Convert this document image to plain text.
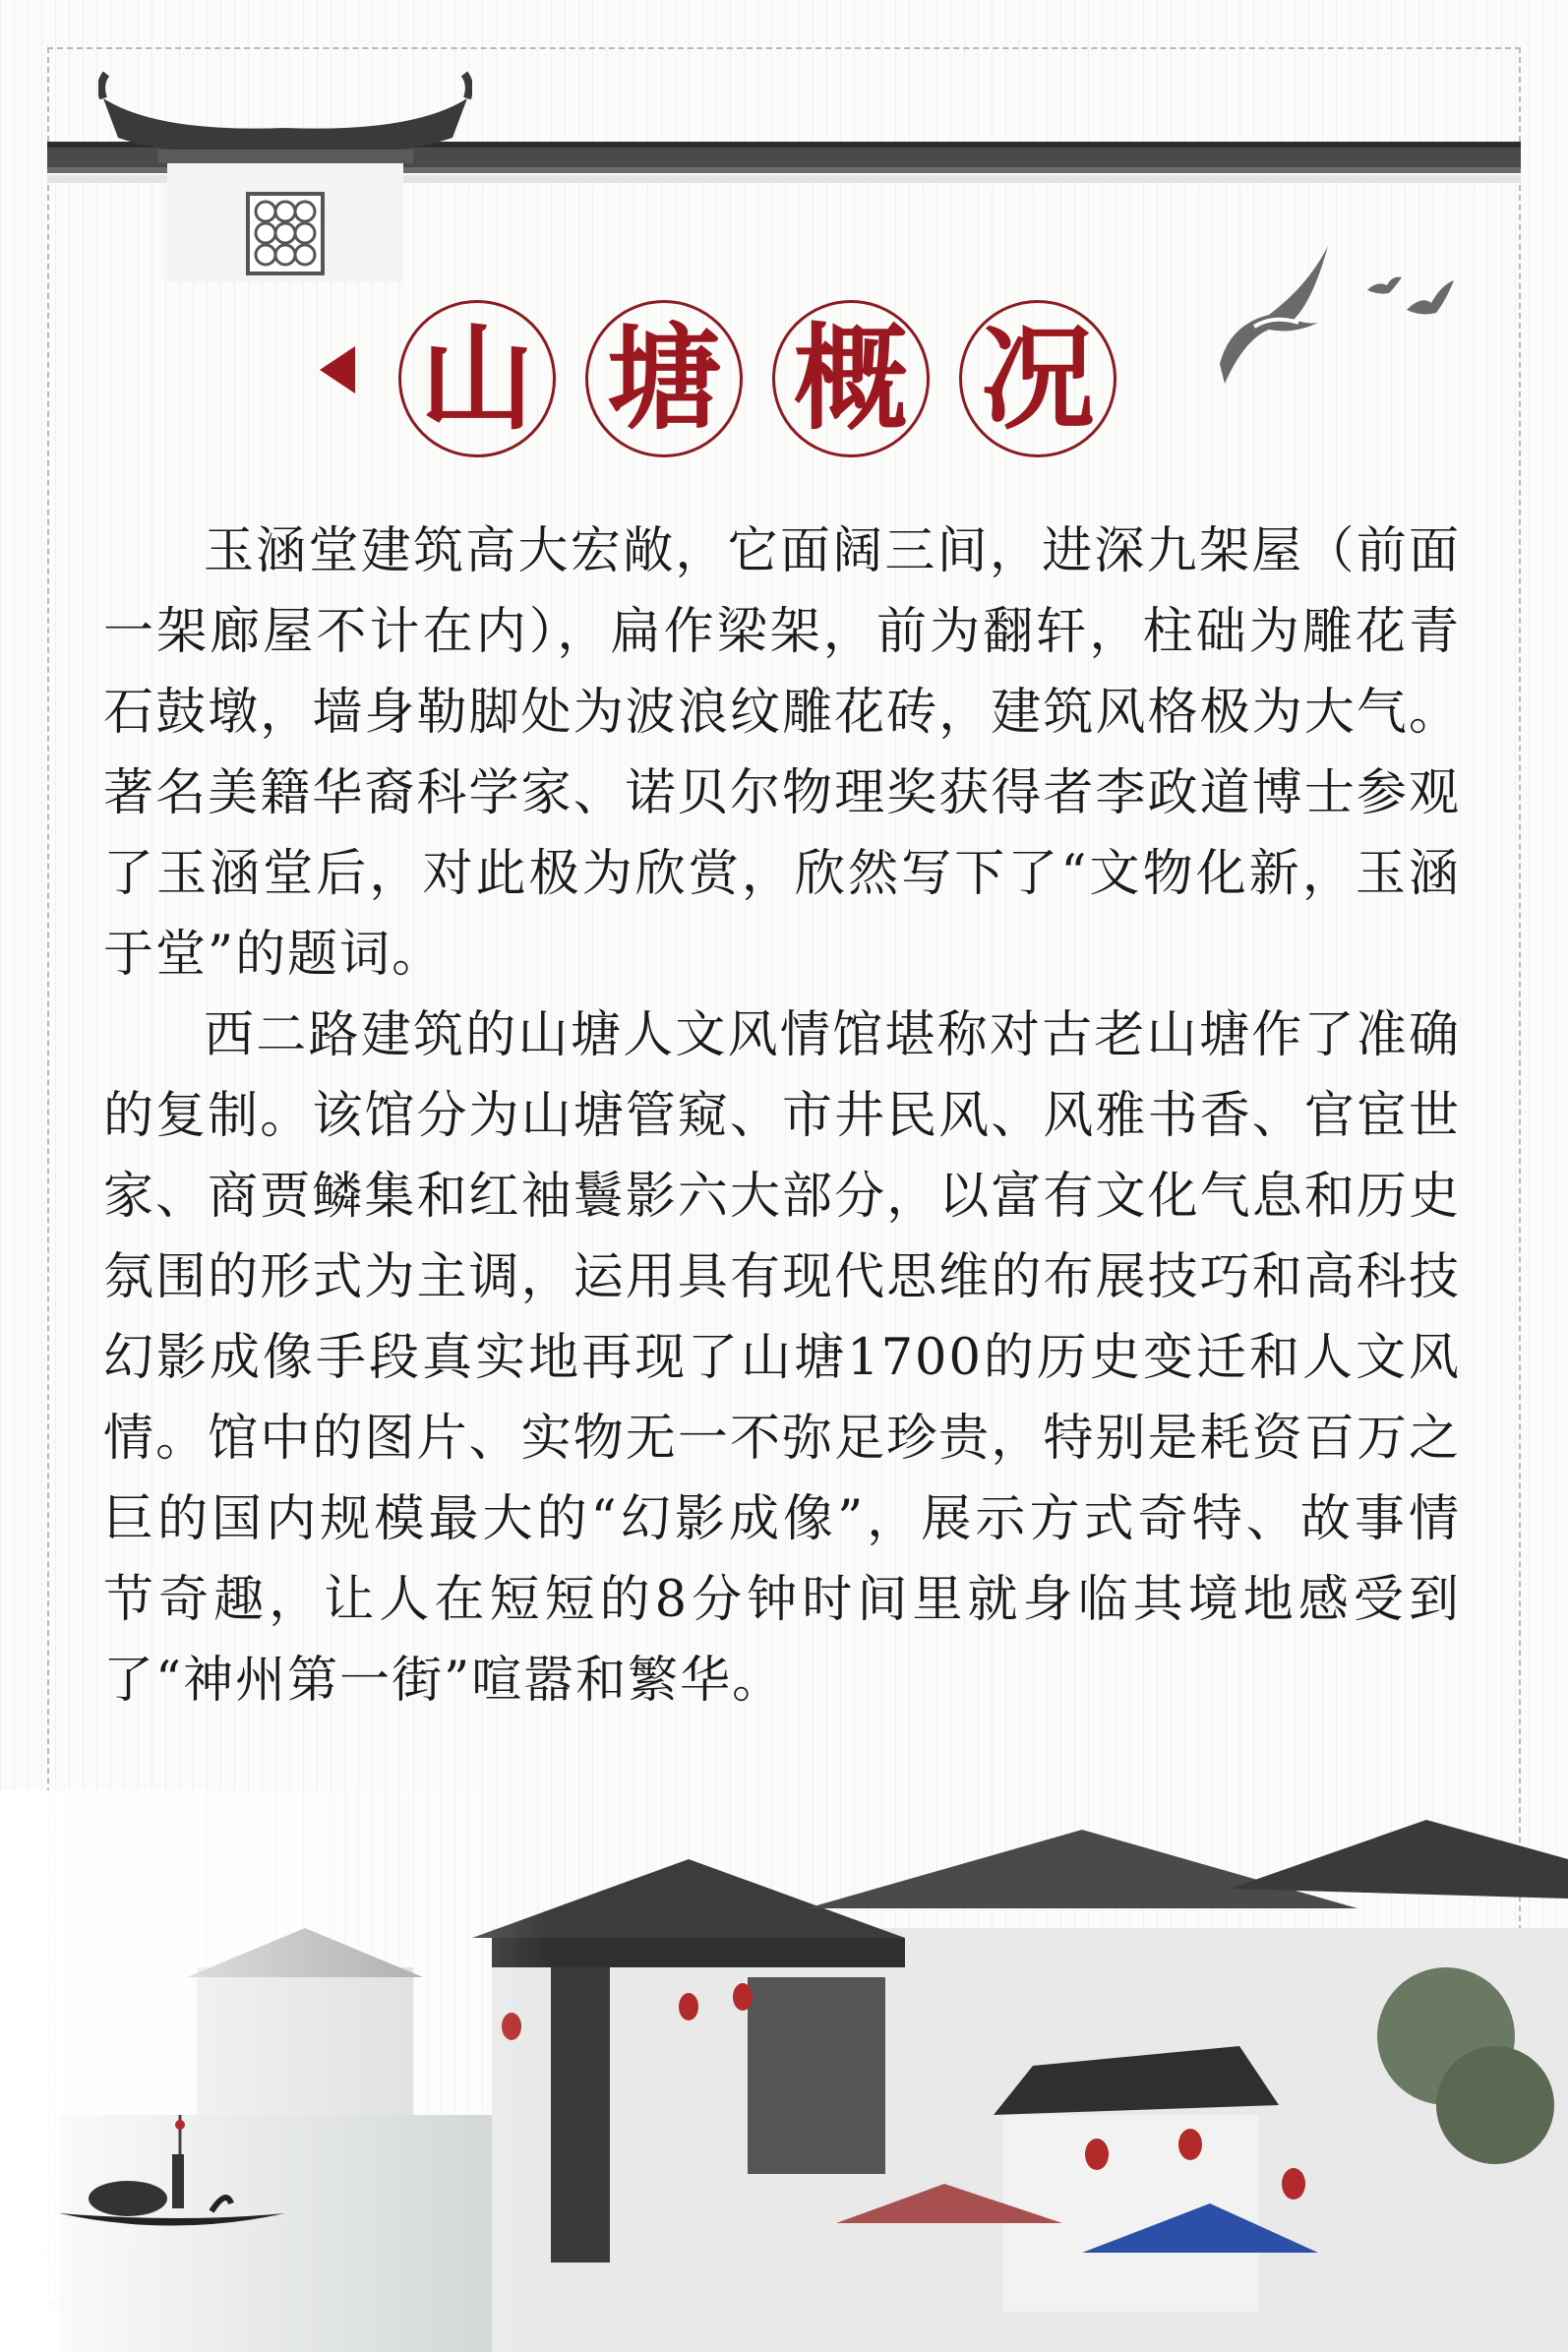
山 塘 概 况

玉涵堂建筑高大宏敞，它面阔三间，进深九架屋（前面一架廊屋不计在内），扁作梁架，前为翻轩，柱础为雕花青石鼓墩，墙身勒脚处为波浪纹雕花砖，建筑风格极为大气。著名美籍华裔科学家、诺贝尔物理奖获得者李政道博士参观了玉涵堂后，对此极为欣赏，欣然写下了“文物化新，玉涵于堂”的题词。

西二路建筑的山塘人文风情馆堪称对古老山塘作了准确的复制。该馆分为山塘管窥、市井民风、风雅书香、官宦世家、商贾鳞集和红袖鬟影六大部分，以富有文化气息和历史氛围的形式为主调，运用具有现代思维的布展技巧和高科技幻影成像手段真实地再现了山塘1700的历史变迁和人文风情。馆中的图片、实物无一不弥足珍贵，特别是耗资百万之巨的国内规模最大的“幻影成像”，展示方式奇特、故事情节奇趣，让人在短短的8分钟时间里就身临其境地感受到了“神州第一街”喧嚣和繁华。
